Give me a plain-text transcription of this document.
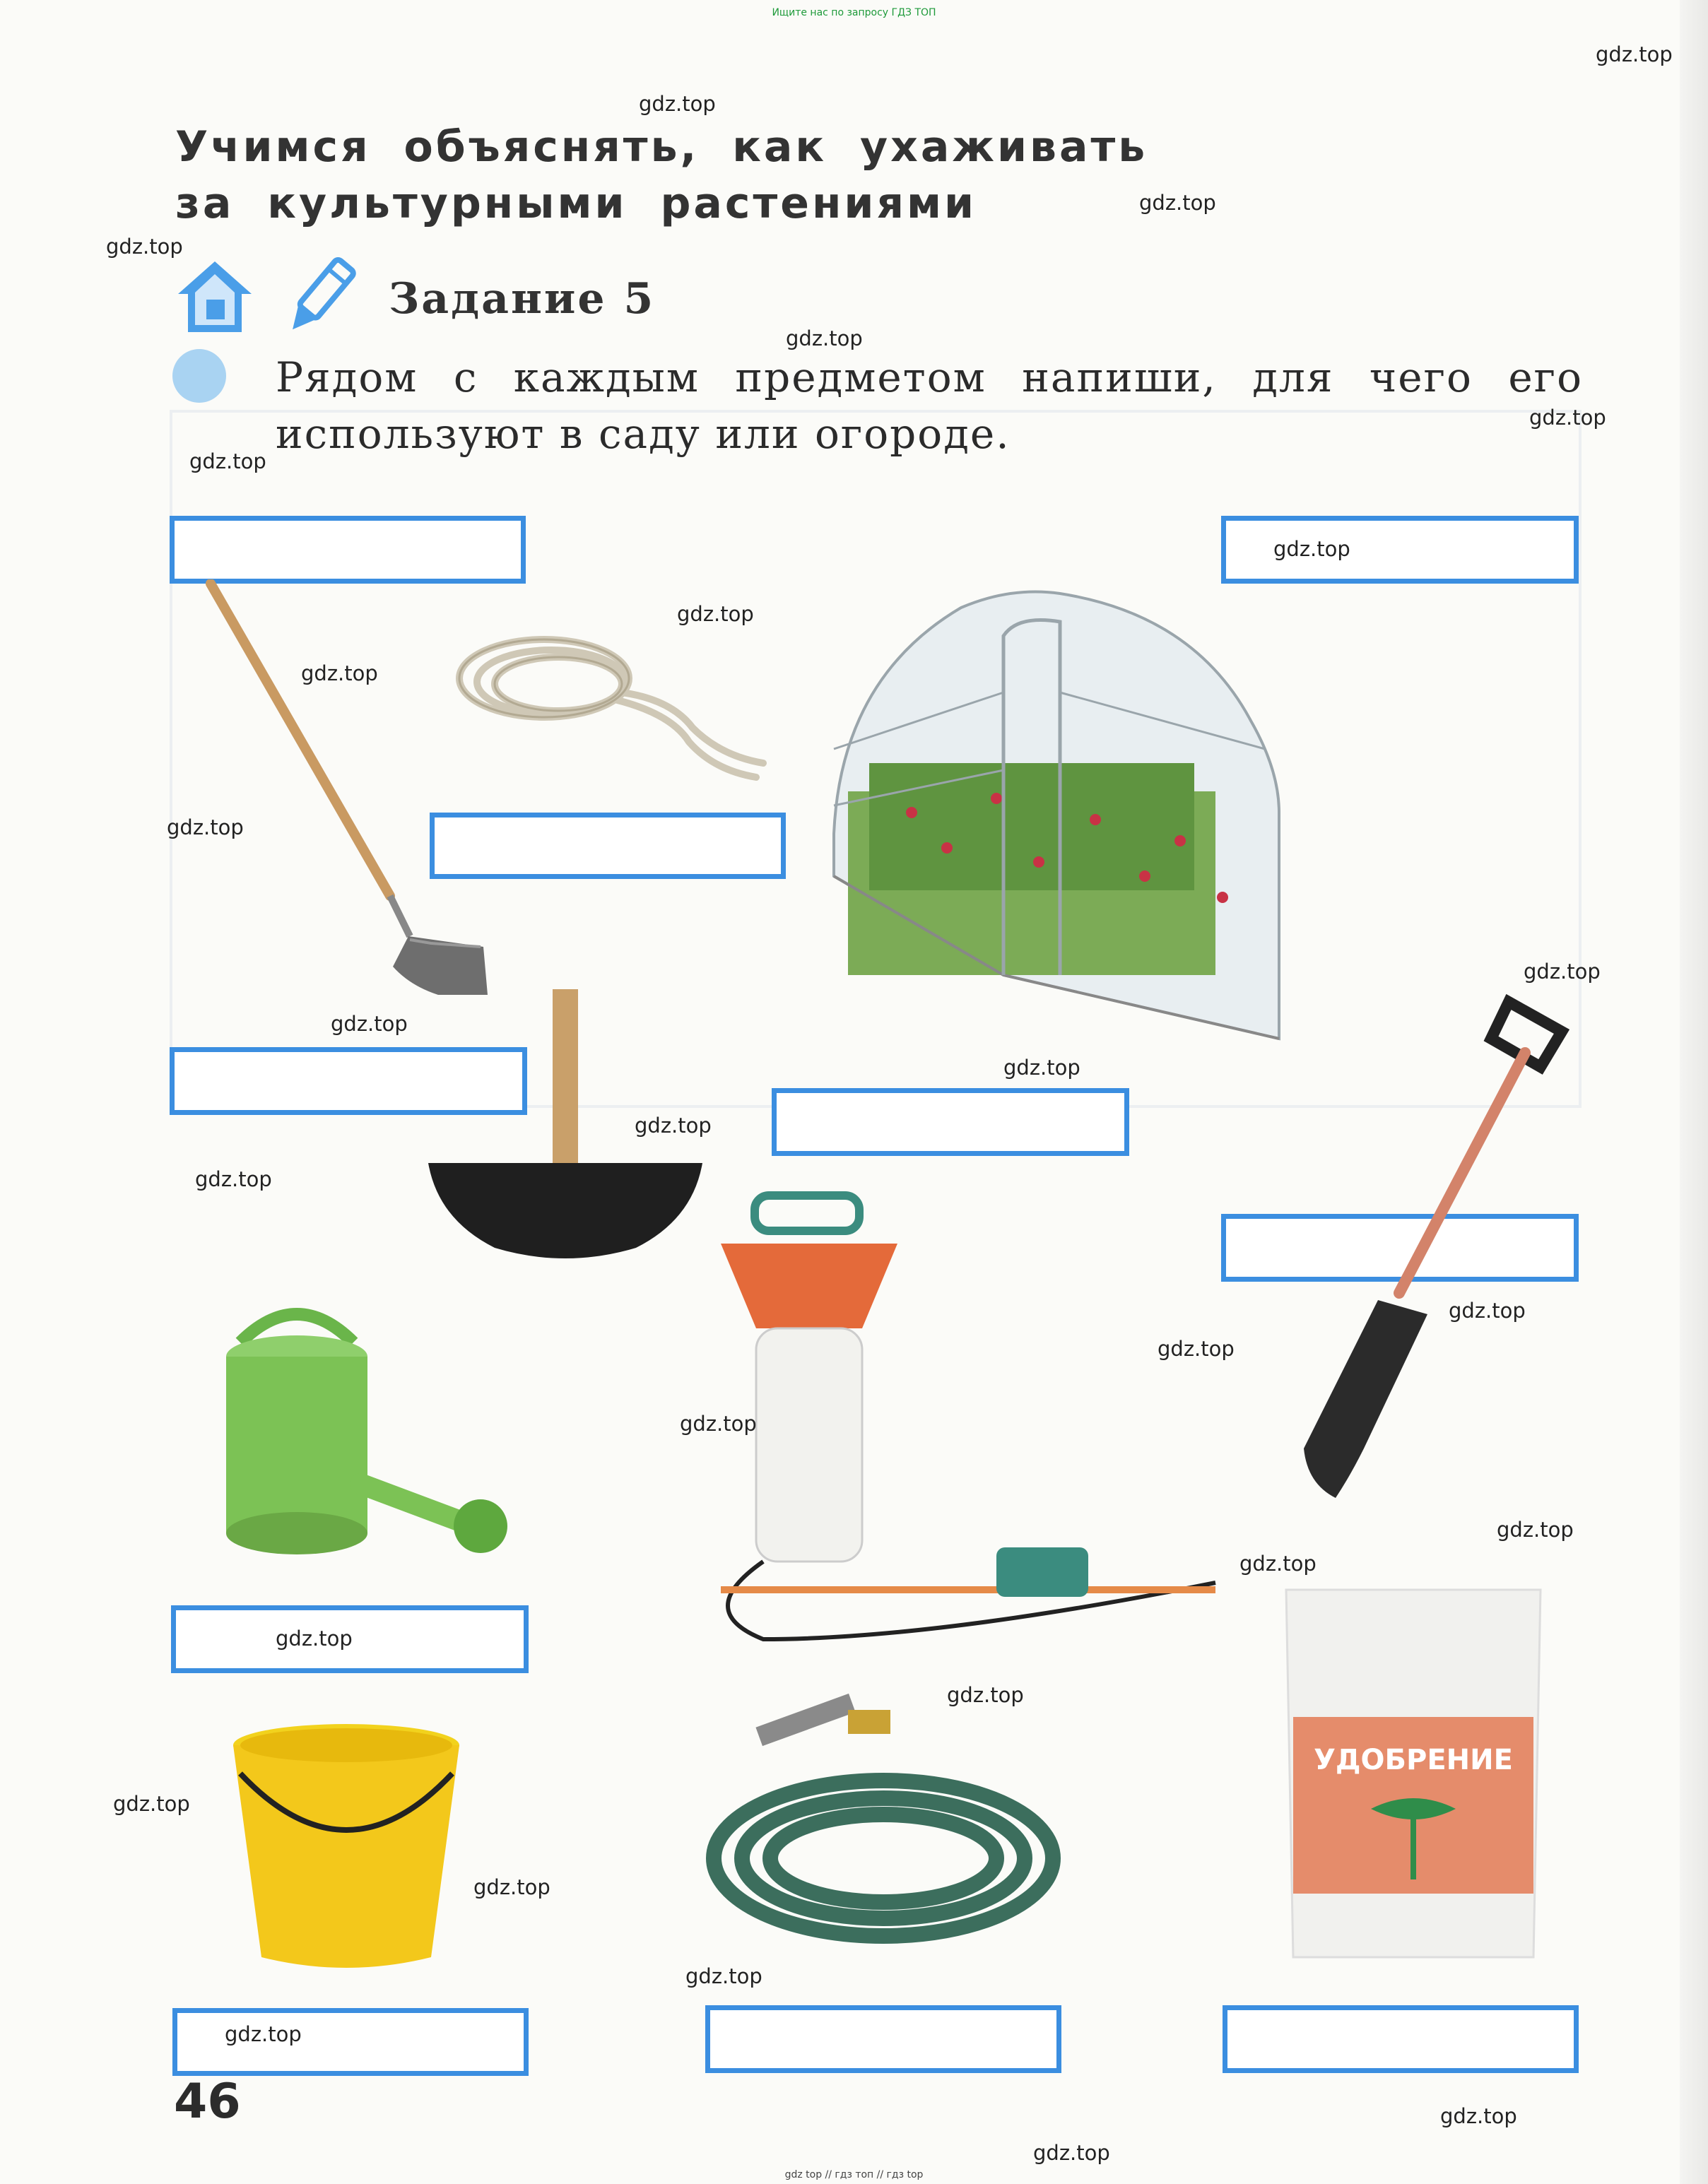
Ищите нас по запросу ГДЗ ТОП
Учимся объяснять, как ухаживать
за культурными растениями
Задание 5
Рядом с каждым предметом напиши, для чего его используют в саду или огороде.
УДОБРЕНИЕ
gdz.top
gdz.top
gdz.top
gdz.top
gdz.top
gdz.top
gdz.top
gdz.top
gdz.top
gdz.top
gdz.top
gdz.top
gdz.top
gdz.top
gdz.top
gdz.top
gdz.top
gdz.top
gdz.top
gdz.top
gdz.top
gdz.top
gdz.top
gdz.top
gdz.top
gdz.top
gdz.top
gdz.top
gdz.top
46
gdz top // гдз топ // гдз top
